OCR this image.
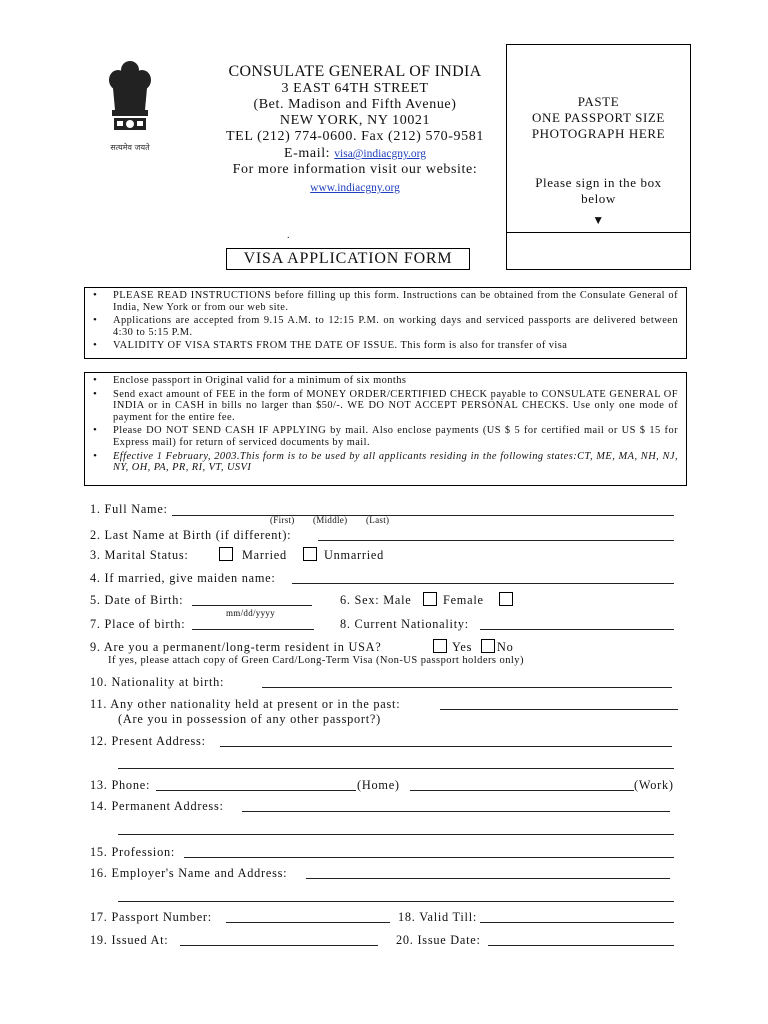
सत्यमेव जयते
CONSULATE GENERAL OF INDIA
3 EAST 64TH STREET
(Bet. Madison and Fifth Avenue)
NEW YORK, NY 10021
TEL (212) 774-0600. Fax (212) 570-9581
E-mail: visa@indiacgny.org
For more information visit our website:
www.indiacgny.org
.
PASTE
ONE PASSPORT SIZE
PHOTOGRAPH HERE
Please sign in the box
below
▼
VISA APPLICATION FORM
• PLEASE READ INSTRUCTIONS before filling up this form. Instructions can be obtained from the Consulate General of India, New York or from our web site.
• Applications are accepted from 9.15 A.M. to 12:15 P.M. on working days and serviced passports are delivered between 4:30 to 5:15 P.M.
• VALIDITY OF VISA STARTS FROM THE DATE OF ISSUE. This form is also for transfer of visa
• Enclose passport in Original valid for a minimum of six months
• Send exact amount of FEE in the form of MONEY ORDER/CERTIFIED CHECK payable to CONSULATE GENERAL OF INDIA or in CASH in bills no larger than $50/-. WE DO NOT ACCEPT PERSONAL CHECKS. Use only one mode of payment for the entire fee.
• Please DO NOT SEND CASH IF APPLYING by mail. Also enclose payments (US $ 5 for certified mail or US $ 15 for Express mail) for return of serviced documents by mail.
• Effective 1 February, 2003.This form is to be used by all applicants residing in the following states:CT, ME, MA, NH, NJ, NY, OH, PA, PR, RI, VT, USVI
1. Full Name:
(First) (Middle) (Last)
2. Last Name at Birth (if different):
3. Marital Status:	Married	Unmarried
4. If married, give maiden name:
5. Date of Birth:
mm/dd/yyyy
6. Sex: Male	Female
7. Place of birth:	8. Current Nationality:
9. Are you a permanent/long-term resident in USA?	Yes No
If yes, please attach copy of Green Card/Long-Term Visa (Non-US passport holders only)
10. Nationality at birth:
11. Any other nationality held at present or in the past:
(Are you in possession of any other passport?)
12. Present Address:
13. Phone:	(Home)	(Work)
14. Permanent Address:
15. Profession:
16. Employer's Name and Address:
17. Passport Number:	18. Valid Till:
19. Issued At:	20. Issue Date:
